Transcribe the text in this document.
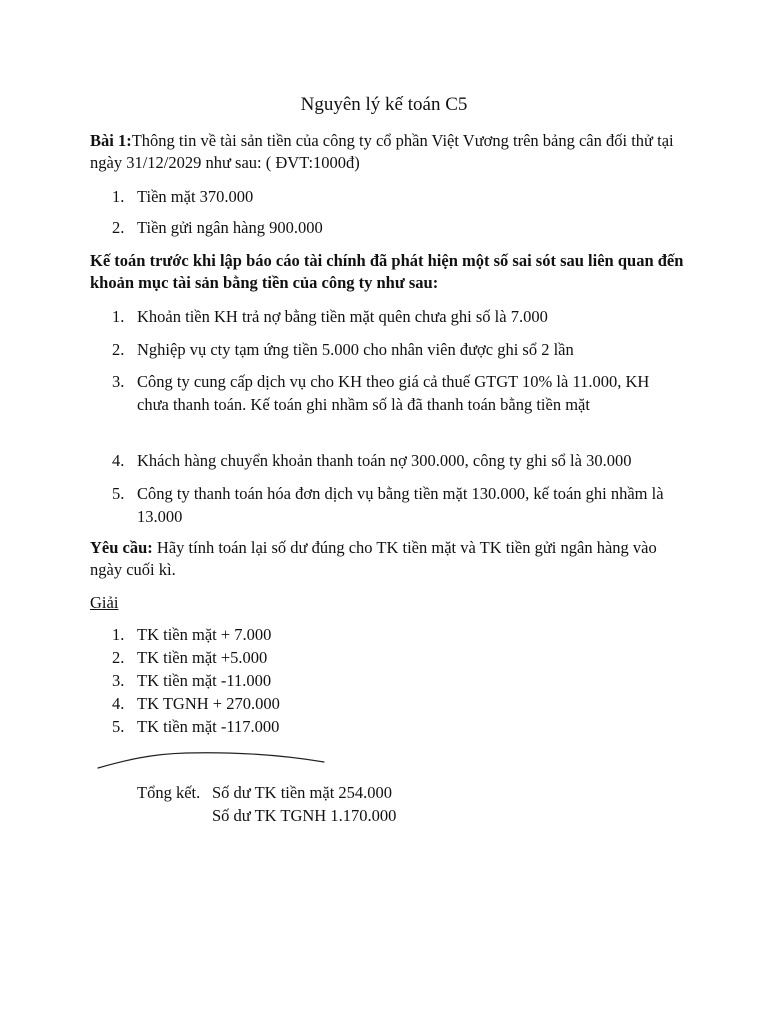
Nguyên lý kế toán C5
Bài 1:Thông tin về tài sản tiền của công ty cổ phần Việt Vương trên bảng cân đối thử tại ngày 31/12/2029 như sau: ( ĐVT:1000đ)
1. Tiền mặt 370.000
2. Tiền gửi ngân hàng 900.000
Kế toán trước khi lập báo cáo tài chính đã phát hiện một số sai sót sau liên quan đến khoản mục tài sản bằng tiền của công ty như sau:
1. Khoản tiền KH trả nợ bằng tiền mặt quên chưa ghi số là 7.000
2. Nghiệp vụ cty tạm ứng tiền 5.000 cho nhân viên được ghi sổ 2 lần
3. Công ty cung cấp dịch vụ cho KH theo giá cả thuế GTGT 10% là 11.000, KH chưa thanh toán. Kế toán ghi nhầm số là đã thanh toán bằng tiền mặt
4. Khách hàng chuyển khoản thanh toán nợ 300.000, công ty ghi sổ là 30.000
5. Công ty thanh toán hóa đơn dịch vụ bằng tiền mặt 130.000, kế toán ghi nhầm là 13.000
Yêu cầu: Hãy tính toán lại số dư đúng cho TK tiền mặt và TK tiền gửi ngân hàng vào ngày cuối kì.
Giải
1. TK tiền mặt + 7.000
2. TK tiền mặt +5.000
3. TK tiền mặt -11.000
4. TK TGNH + 270.000
5. TK tiền mặt -117.000
Tổng kết. Số dư TK tiền mặt 254.000
Số dư TK TGNH 1.170.000
